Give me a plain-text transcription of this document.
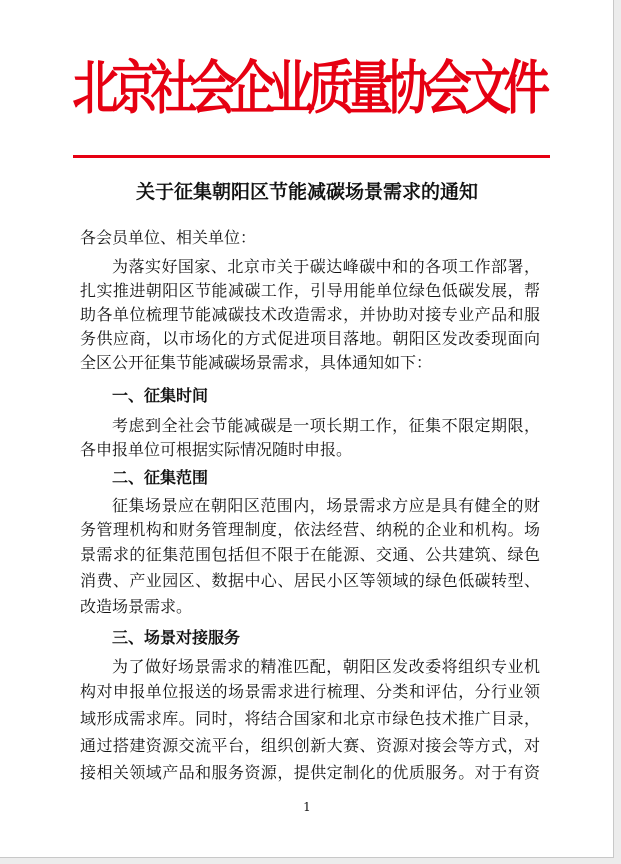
北京社会企业质量协会文件
关于征集朝阳区节能减碳场景需求的通知
各会员单位、相关单位：
为落实好国家、北京市关于碳达峰碳中和的各项工作部署，
扎实推进朝阳区节能减碳工作，引导用能单位绿色低碳发展，帮
助各单位梳理节能减碳技术改造需求，并协助对接专业产品和服
务供应商，以市场化的方式促进项目落地。朝阳区发改委现面向
全区公开征集节能减碳场景需求，具体通知如下：
一、征集时间
考虑到全社会节能减碳是一项长期工作，征集不限定期限，
各申报单位可根据实际情况随时申报。
二、征集范围
征集场景应在朝阳区范围内，场景需求方应是具有健全的财
务管理机构和财务管理制度，依法经营、纳税的企业和机构。场
景需求的征集范围包括但不限于在能源、交通、公共建筑、绿色
消费、产业园区、数据中心、居民小区等领域的绿色低碳转型、
改造场景需求。
三、场景对接服务
为了做好场景需求的精准匹配，朝阳区发改委将组织专业机
构对申报单位报送的场景需求进行梳理、分类和评估，分行业领
域形成需求库。同时，将结合国家和北京市绿色技术推广目录，
通过搭建资源交流平台，组织创新大赛、资源对接会等方式，对
接相关领域产品和服务资源，提供定制化的优质服务。对于有资
1
